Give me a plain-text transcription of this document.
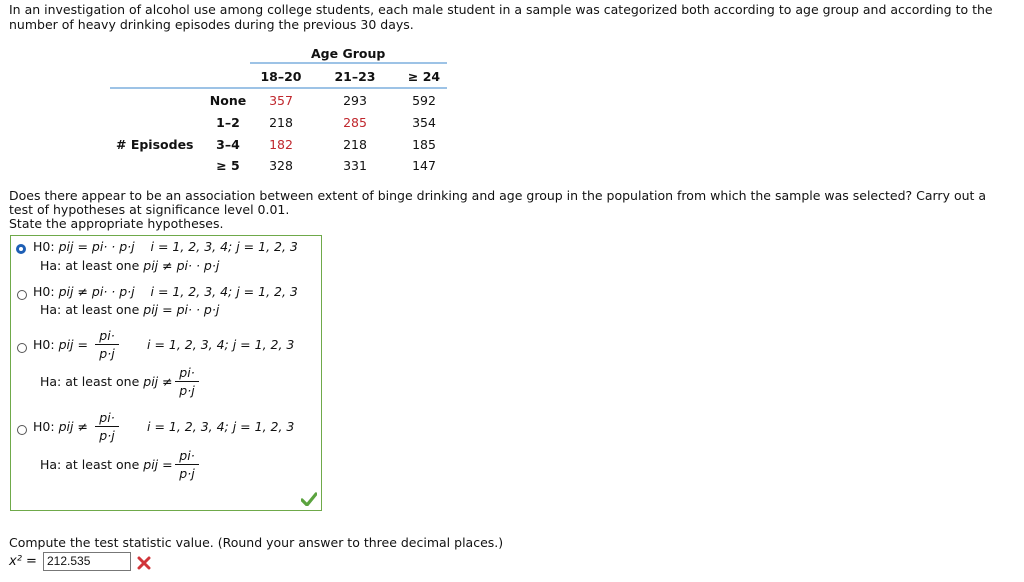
In an investigation of alcohol use among college students, each male student in a sample was categorized both according to age group and according to the number of heavy drinking episodes during the previous 30 days.
Age Group
18–20	21–23	≥ 24
# Episodes
None	357	293	592
1–2	218	285	354
3–4	182	218	185
≥ 5	328	331	147
Does there appear to be an association between extent of binge drinking and age group in the population from which the sample was selected? Carry out a test of hypotheses at significance level 0.01.
State the appropriate hypotheses.
H0: pij = pi· · p·j i = 1, 2, 3, 4; j = 1, 2, 3
Ha: at least one pij ≠ pi· · p·j
H0: pij ≠ pi· · p·j i = 1, 2, 3, 4; j = 1, 2, 3
Ha: at least one pij = pi· · p·j
H0: pij =
pi·
p·j
i = 1, 2, 3, 4; j = 1, 2, 3
Ha: at least one pij ≠
pi·
p·j
H0: pij ≠
pi·
p·j
i = 1, 2, 3, 4; j = 1, 2, 3
Ha: at least one pij =
pi·
p·j
Compute the test statistic value. (Round your answer to three decimal places.)
x² = 212.535
